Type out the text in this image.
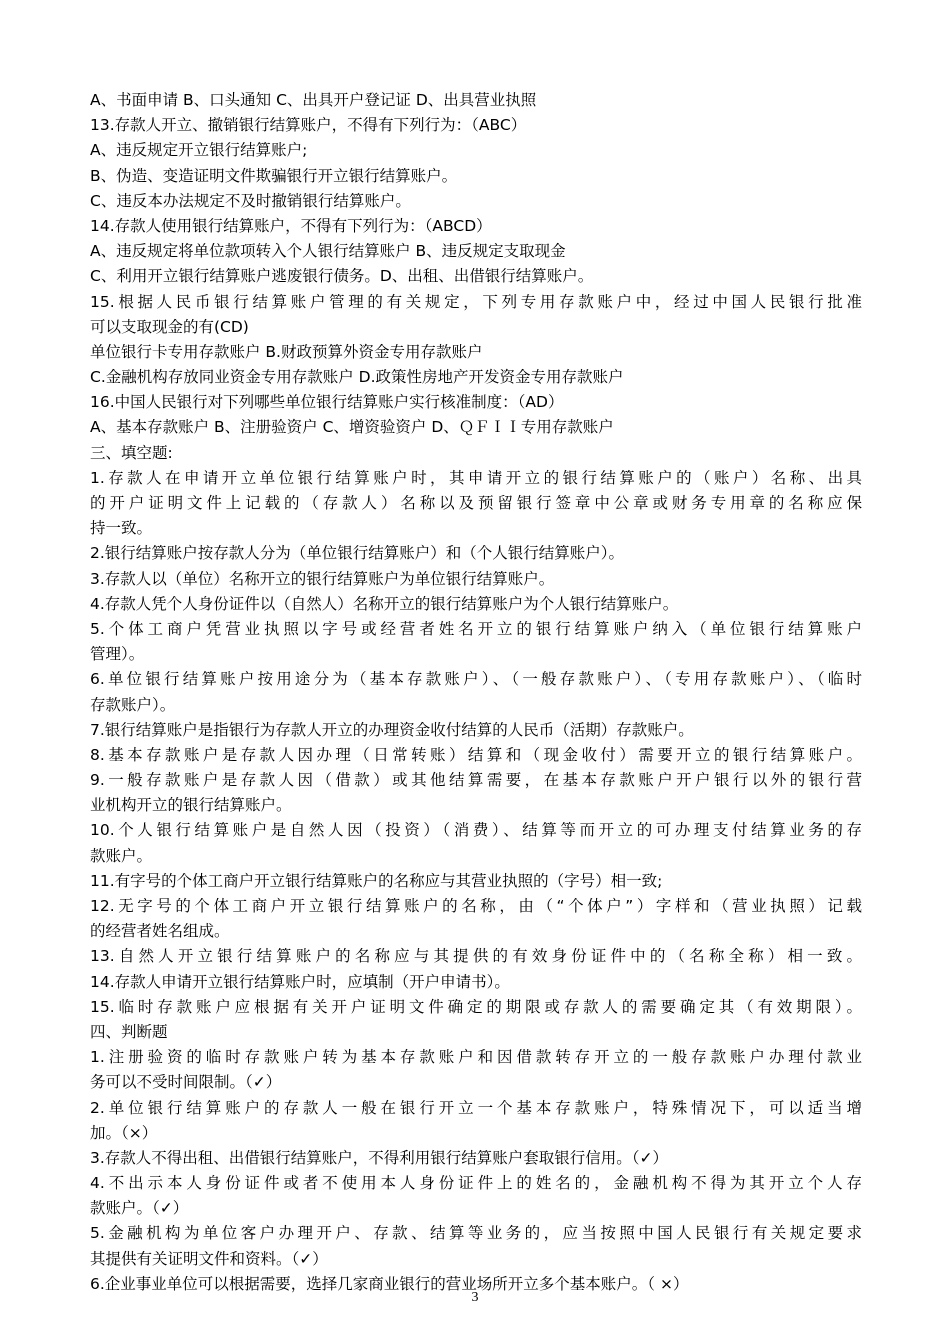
A、书面申请 B、口头通知 C、出具开户登记证 D、出具营业执照
13.存款人开立、撤销银行结算账户，不得有下列行为：（ABC）
A、违反规定开立银行结算账户;
B、伪造、变造证明文件欺骗银行开立银行结算账户。
C、违反本办法规定不及时撤销银行结算账户。
14.存款人使用银行结算账户，不得有下列行为：（ABCD）
A、违反规定将单位款项转入个人银行结算账户 B、违反规定支取现金
C、利用开立银行结算账户逃废银行债务。D、出租、出借银行结算账户。
15.根据人民币银行结算账户管理的有关规定，下列专用存款账户中，经过中国人民银行批准
可以支取现金的有(CD)
单位银行卡专用存款账户 B.财政预算外资金专用存款账户
C.金融机构存放同业资金专用存款账户 D.政策性房地产开发资金专用存款账户
16.中国人民银行对下列哪些单位银行结算账户实行核准制度：（AD）
A、基本存款账户 B、注册验资户 C、增资验资户 D、ＱＦＩＩ专用存款账户
三、填空题:
1.存款人在申请开立单位银行结算账户时，其申请开立的银行结算账户的（账户）名称、出具
的开户证明文件上记载的（存款人）名称以及预留银行签章中公章或财务专用章的名称应保
持一致。
2.银行结算账户按存款人分为（单位银行结算账户）和（个人银行结算账户）。
3.存款人以（单位）名称开立的银行结算账户为单位银行结算账户。
4.存款人凭个人身份证件以（自然人）名称开立的银行结算账户为个人银行结算账户。
5.个体工商户凭营业执照以字号或经营者姓名开立的银行结算账户纳入（单位银行结算账户
管理）。
6.单位银行结算账户按用途分为（基本存款账户）、（一般存款账户）、（专用存款账户）、（临时
存款账户）。
7.银行结算账户是指银行为存款人开立的办理资金收付结算的人民币（活期）存款账户。
8.基本存款账户是存款人因办理（日常转账）结算和（现金收付）需要开立的银行结算账户。
9.一般存款账户是存款人因（借款）或其他结算需要，在基本存款账户开户银行以外的银行营
业机构开立的银行结算账户。
10.个人银行结算账户是自然人因（投资）（消费）、结算等而开立的可办理支付结算业务的存
款账户。
11.有字号的个体工商户开立银行结算账户的名称应与其营业执照的（字号）相一致;
12.无字号的个体工商户开立银行结算账户的名称，由（“个体户”）字样和（营业执照）记载
的经营者姓名组成。
13.自然人开立银行结算账户的名称应与其提供的有效身份证件中的（名称全称）相一致。
14.存款人申请开立银行结算账户时，应填制（开户申请书）。
15.临时存款账户应根据有关开户证明文件确定的期限或存款人的需要确定其（有效期限）。
四、判断题
1.注册验资的临时存款账户转为基本存款账户和因借款转存开立的一般存款账户办理付款业
务可以不受时间限制。（✓）
2.单位银行结算账户的存款人一般在银行开立一个基本存款账户，特殊情况下，可以适当增
加。（×）
3.存款人不得出租、出借银行结算账户，不得利用银行结算账户套取银行信用。（✓）
4.不出示本人身份证件或者不使用本人身份证件上的姓名的，金融机构不得为其开立个人存
款账户。（✓）
5.金融机构为单位客户办理开户、存款、结算等业务的，应当按照中国人民银行有关规定要求
其提供有关证明文件和资料。（✓）
6.企业事业单位可以根据需要，选择几家商业银行的营业场所开立多个基本账户。（ ×）
3
